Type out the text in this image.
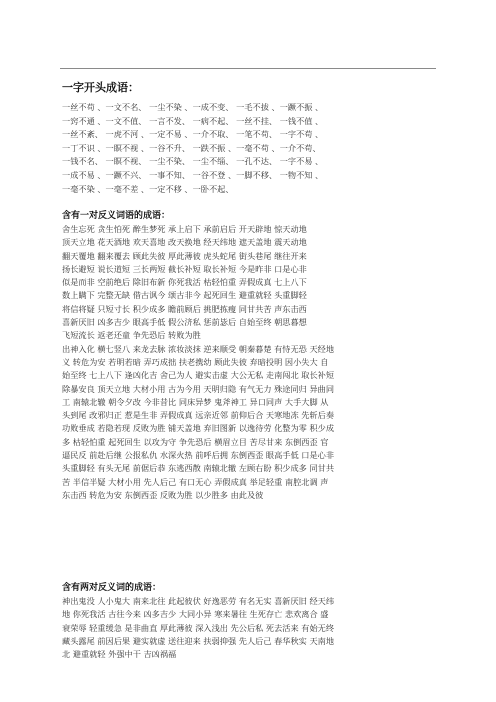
一字开头成语：
一丝不苟 、一文不名、 一尘不染 、一成不变、 一毛不拔 、一蹶不振 、
一窍不通 、一文不值、 一言不发、 一病不起、 一丝不挂、 一钱不值 、
一丝不紊、 一虎不河 、一定不易 、一介不取、 一笔不苟、 一字不苟 、
一丁不识 、一瞑不视 、一谷不升、 一跌不振 、一毫不苟 、一介不苟、
一钱不名、 一瞑不视、 一尘不染、 一尘不缁、 一孔不达、 一字不易 、
一成不易 、一蹶不兴、 一事不知、 一谷不登 、一脚不移、 一物不知 、
一毫不染 、一毫不差 、一定不移 、一卧不起、
含有一对反义词语的成语：
舍生忘死 贪生怕死 醉生梦死 承上启下 承前启后 开天辟地 惊天动地
顶天立地 花天酒地 欢天喜地 改天换地 经天纬地 遮天盖地 震天动地
翻天覆地 翻来覆去 顾此失彼 厚此薄彼 虎头蛇尾 街头巷尾 继往开来
扬长避短 说长道短 三长两短 截长补短 取长补短 今是昨非 口是心非
似是而非 空前绝后 除旧布新 你死我活 枯轻怕重 弄假成真 七上八下
数上瞒下 完整无缺 借古讽今 颂古非今 起死回生 避重就轻 头重脚轻
将信将疑 只短寸长 积少成多 瞻前顾后 挑肥拣瘦 同甘共苦 声东击西
喜新厌旧 凶多吉少 眼高手低 假公济私 惩前毖后 自始至终 朝思暮想
飞短流长 返老还童 争先恐后 转败为胜
出神入化 横七竖八 来龙去脉 浓妆淡抹 逆来顺受 朝秦暮楚 有恃无恐 天经地
义 转危为安 若明若暗 弄巧成拙 扶老携幼 顾此失彼 弃暗投明 因小失大 自
始至终 七上八下 逢凶化吉 舍己为人 避实击虚 大公无私 走南闯北 取长补短
除暴安良 顶天立地 大材小用 古为今用 天明归隐 有气无力 殊途同归 异曲同
工 南辕北辙 朝令夕改 今非昔比 同床异梦 鬼斧神工 异口同声 大手大脚 从
头到尾 改邪归正 惹是生非 弄假成真 远亲近邻 前仰后合 天寒地冻 先斩后奏
功败垂成 若隐若现 反败为胜 铺天盖地 弃旧图新 以逸待劳 化整为零 积少成
多 枯轻怕重 起死回生 以攻为守 争先恐后 横眉立目 苦尽甘来 东倒西歪 官
逼民反 前赴后继 公报私仇 水深火热 前呼后拥 东倒西歪 眼高手低 口是心非
头重脚轻 有头无尾 前倨后恭 东逃西散 南辕北辙 左顾右盼 积少成多 同甘共
苦 半信半疑 大材小用 先人后己 有口无心 弄假成真 举足轻重 南腔北调 声
东击西 转危为安 东倒西歪 反败为胜 以少胜多 由此及彼
含有两对反义词的成语：
神出鬼没 人小鬼大 南来北往 此起彼伏 好逸恶劳 有名无实 喜新厌旧 经天纬
地 你死我活 古往今来 凶多吉少 大同小异 寒来暑往 生死存亡 悲欢离合 盛
衰荣辱 轻重缓急 是非曲直 厚此薄彼 深入浅出 先公后私 死去活来 有始无终
藏头露尾 前因后果 避实就虚 送往迎来 扶弱抑强 先人后己 春华秋实 天南地
北 避重就轻 外强中干 吉凶祸福
